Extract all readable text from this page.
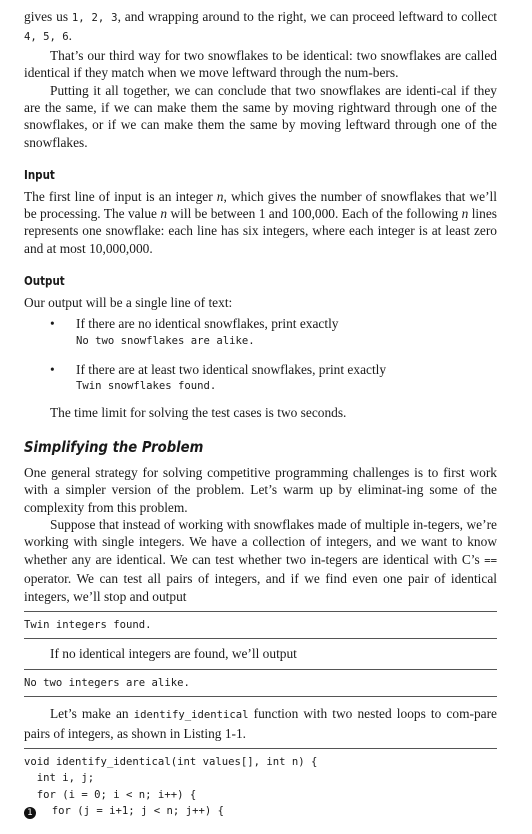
gives us 1, 2, 3, and wrapping around to the right, we can proceed leftward to collect 4, 5, 6.

That’s our third way for two snowflakes to be identical: two snowflakes are called identical if they match when we move leftward through the num-bers.

Putting it all together, we can conclude that two snowflakes are identi-cal if they are the same, if we can make them the same by moving rightward through one of the snowflakes, or if we can make them the same by moving leftward through one of the snowflakes.

Input

The first line of input is an integer n, which gives the number of snowflakes that we’ll be processing. The value n will be between 1 and 100,000. Each of the following n lines represents one snowflake: each line has six integers, where each integer is at least zero and at most 10,000,000.

Output

Our output will be a single line of text:

• If there are no identical snowflakes, print exactly
No two snowflakes are alike.
• If there are at least two identical snowflakes, print exactly
Twin snowflakes found.

The time limit for solving the test cases is two seconds.

Simplifying the Problem

One general strategy for solving competitive programming challenges is to first work with a simpler version of the problem. Let’s warm up by eliminat-ing some of the complexity from this problem.

Suppose that instead of working with snowflakes made of multiple in-tegers, we’re working with single integers. We have a collection of integers, and we want to know whether any are identical. We can test whether two in-tegers are identical with C’s == operator. We can test all pairs of integers, and if we find even one pair of identical integers, we’ll stop and output

Twin integers found.

If no identical integers are found, we’ll output

No two integers are alike.

Let’s make an identify_identical function with two nested loops to com-pare pairs of integers, as shown in Listing 1-1.

void identify_identical(int values[], int n) {
int i, j;
for (i = 0; i < n; i++) {
1  for (j = i+1; j < n; j++) {
